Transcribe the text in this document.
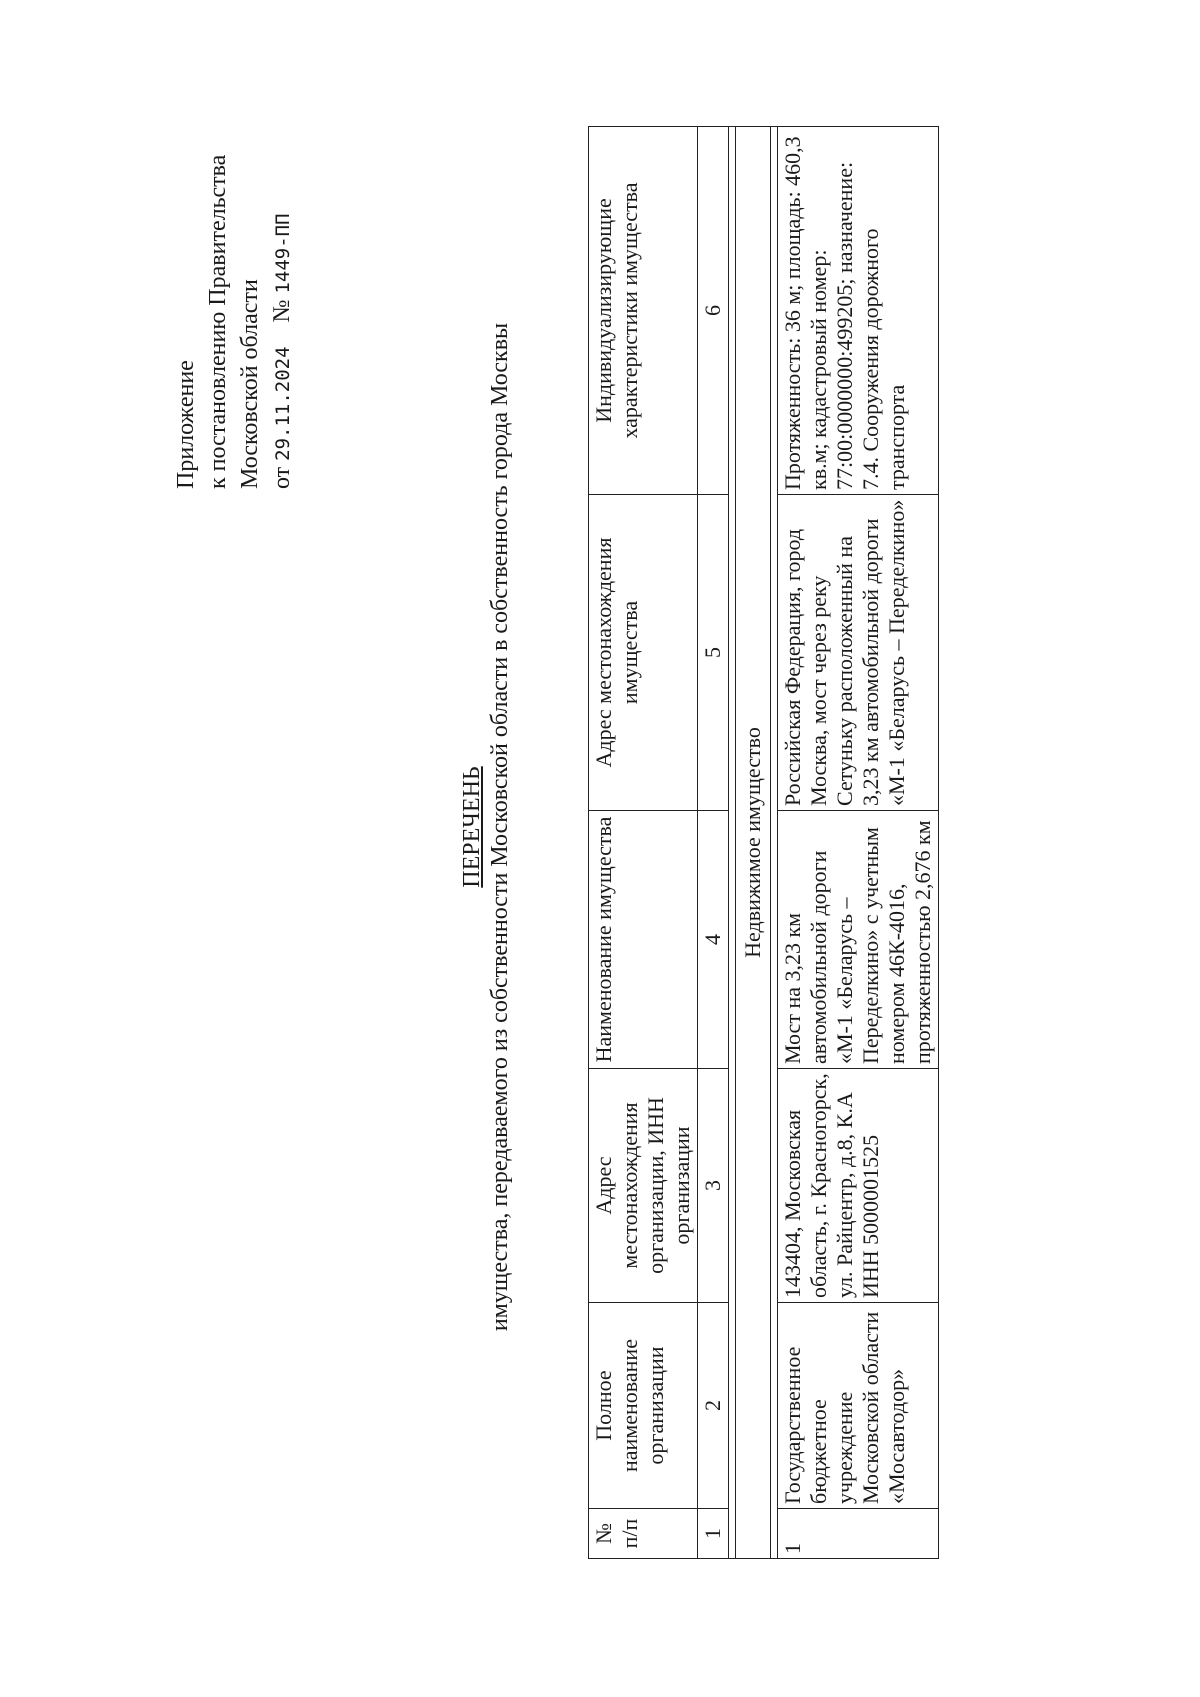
Приложение к постановлению Правительства Московской области от 29.11.2024    № 1449-ПП
ПЕРЕЧЕНЬ имущества, передаваемого из собственности Московской области в собственность города Москвы
№ п/п	Полное наименование организации	Адрес местонахождения организации, ИНН организации	Наименование имущества	Адрес местонахождения имущества	Индивидуализирующие характеристики имущества
1	2	3	4	5	6

Недвижимое имущество					

1	Государственное бюджетное учреждение Московской области «Мосавтодор»	143404, Московская область, г. Красногорск, ул. Райцентр, д.8, К.А ИНН 5000001525	Мост на 3,23 км автомобильной дороги «М-1 «Беларусь – Переделкино» с учетным номером 46К-4016, протяженностью 2,676 км	Российская Федерация, город Москва, мост через реку Сетуньку расположенный на 3,23 км автомобильной дороги «М-1 «Беларусь – Переделкино»	Протяженность: 36 м; площадь: 460,3 кв.м; кадастровый номер: 77:00:0000000:499205; назначение: 7.4. Сооружения дорожного транспорта
